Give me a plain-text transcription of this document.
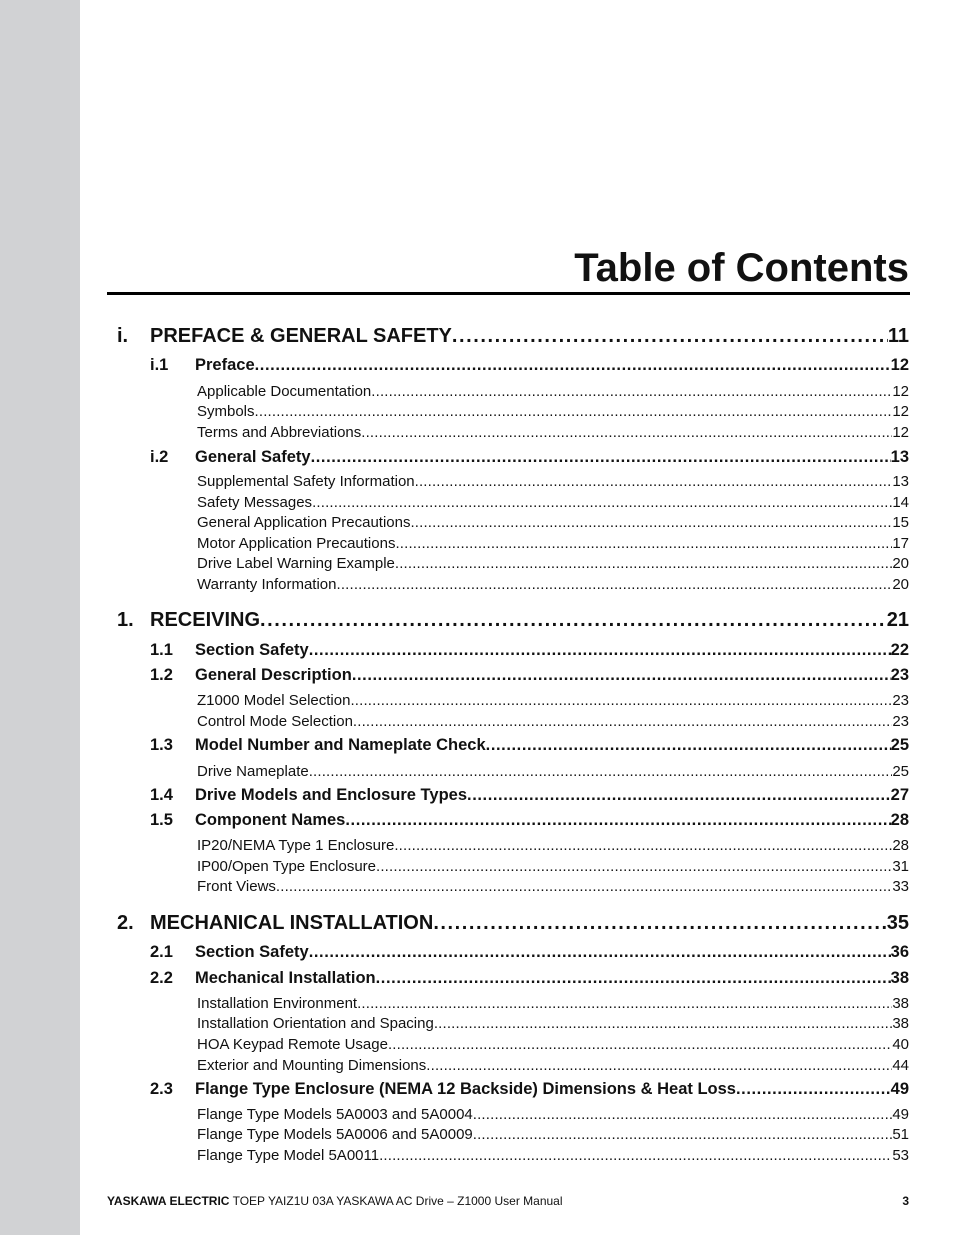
Table of Contents
i.	PREFACE & GENERAL SAFETY . . .	11
i.1	Preface . . .	12
Applicable Documentation . . .	12
Symbols . . .	12
Terms and Abbreviations . . .	12
i.2	General Safety . . .	13
Supplemental Safety Information . . .	13
Safety Messages . . .	14
General Application Precautions . . .	15
Motor Application Precautions . . .	17
Drive Label Warning Example . . .	20
Warranty Information . . .	20
1. RECEIVING . . .	21
1.1	Section Safety . . .	22
1.2	General Description . . .	23
Z1000 Model Selection . . .	23
Control Mode Selection . . .	23
1.3	Model Number and Nameplate Check . . .	25
Drive Nameplate . . .	25
1.4	Drive Models and Enclosure Types . . .	27
1.5	Component Names . . .	28
IP20/NEMA Type 1 Enclosure . . .	28
IP00/Open Type Enclosure . . .	31
Front Views . . .	33
2. MECHANICAL INSTALLATION . . .	35
2.1	Section Safety . . .	36
2.2	Mechanical Installation . . .	38
Installation Environment . . .	38
Installation Orientation and Spacing . . .	38
HOA Keypad Remote Usage . . .	40
Exterior and Mounting Dimensions . . .	44
2.3	Flange Type Enclosure (NEMA 12 Backside) Dimensions & Heat Loss . . .	49
Flange Type Models 5A0003 and 5A0004 . . .	49
Flange Type Models 5A0006 and 5A0009 . . .	51
Flange Type Model 5A0011 . . .	53
YASKAWA ELECTRIC TOEP YAIZ1U 03A YASKAWA AC Drive – Z1000 User Manual	3
